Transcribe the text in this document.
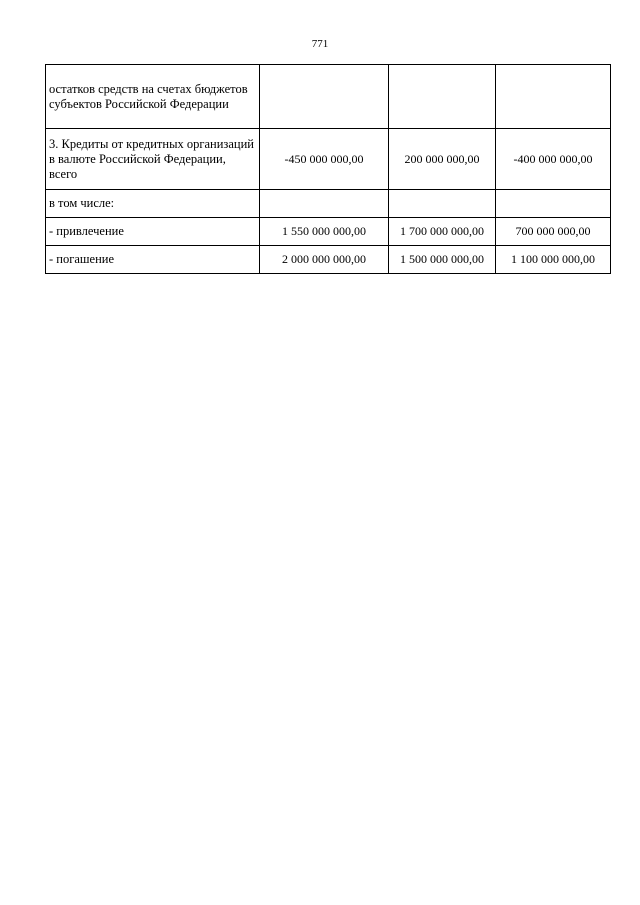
771
остатков средств на счетах бюджетов субъектов Российской Федерации			
3. Кредиты от кредитных организаций в валюте Российской Федерации, всего	-450 000 000,00	200 000 000,00	-400 000 000,00
в том числе:			
- привлечение	1 550 000 000,00	1 700 000 000,00	700 000 000,00
- погашение	2 000 000 000,00	1 500 000 000,00	1 100 000 000,00
